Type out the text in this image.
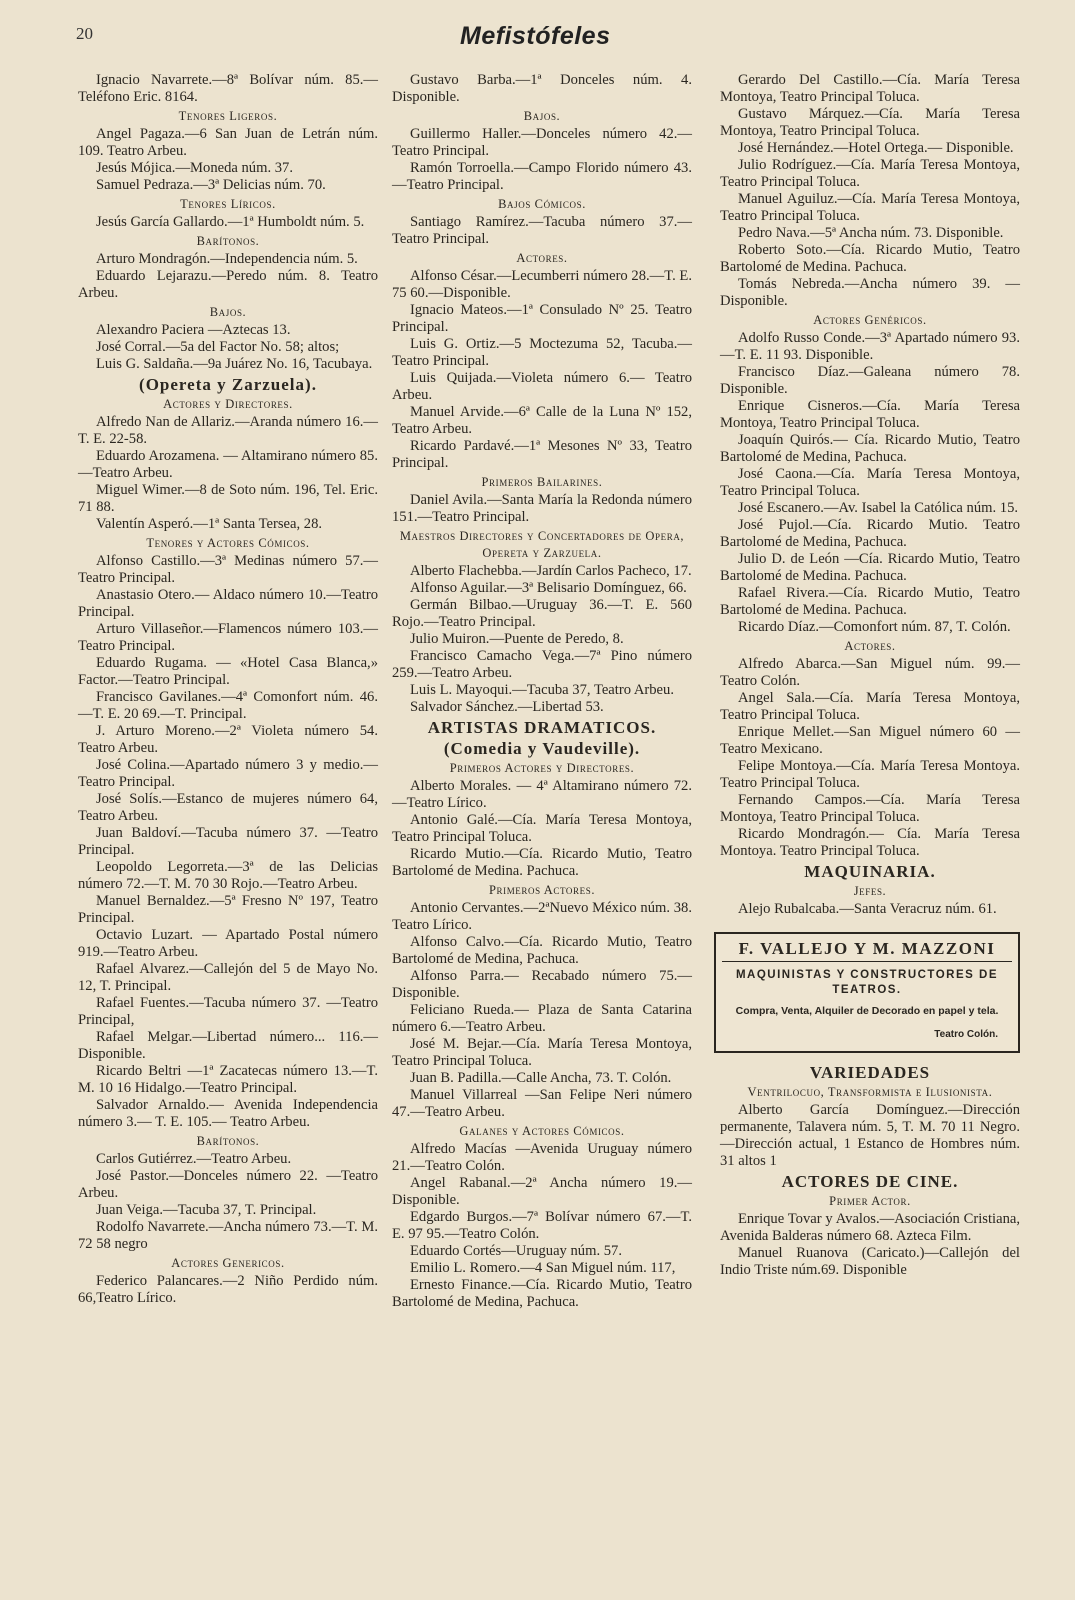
20	Mefistófeles

Ignacio Navarrete.—8ª Bolívar núm. 85.—Teléfono Eric. 8164.

Tenores Ligeros.

Angel Pagaza.—6 San Juan de Letrán núm. 109. Teatro Arbeu.

Jesús Mójica.—Moneda núm. 37.

Samuel Pedraza.—3ª Delicias núm. 70.

Tenores Líricos.

Jesús García Gallardo.—1ª Humboldt núm. 5.

Barítonos.

Arturo Mondragón.—Independencia núm. 5.

Eduardo Lejarazu.—Peredo núm. 8. Teatro Arbeu.

Bajos.

Alexandro Paciera —Aztecas 13.

José Corral.—5a del Factor No. 58; altos;

Luis G. Saldaña.—9a Juárez No. 16, Tacubaya.

(Opereta y Zarzuela).

Actores y Directores.

Alfredo Nan de Allariz.—Aranda número 16.—T. E. 22-58.

Eduardo Arozamena. — Altamirano número 85.—Teatro Arbeu.

Miguel Wimer.—8 de Soto núm. 196, Tel. Eric. 71 88.

Valentín Asperó.—1ª Santa Tersea, 28.

Tenores y Actores Cómicos.

Alfonso Castillo.—3ª Medinas número 57.—Teatro Principal.

Anastasio Otero.— Aldaco número 10.—Teatro Principal.

Arturo Villaseñor.—Flamencos número 103.—Teatro Principal.

Eduardo Rugama. — «Hotel Casa Blanca,» Factor.—Teatro Principal.

Francisco Gavilanes.—4ª Comonfort núm. 46.—T. E. 20 69.—T. Principal.

J. Arturo Moreno.—2ª Violeta número 54. Teatro Arbeu.

José Colina.—Apartado número 3 y medio.—Teatro Principal.

José Solís.—Estanco de mujeres número 64, Teatro Arbeu.

Juan Baldoví.—Tacuba número 37. —Teatro Principal.

Leopoldo Legorreta.—3ª de las Delicias número 72.—T. M. 70 30 Rojo.—Teatro Arbeu.

Manuel Bernaldez.—5ª Fresno Nº 197, Teatro Principal.

Octavio Luzart. — Apartado Postal número 919.—Teatro Arbeu.

Rafael Alvarez.—Callejón del 5 de Mayo No. 12, T. Principal.

Rafael Fuentes.—Tacuba número 37. —Teatro Principal,

Rafael Melgar.—Libertad número... 116.— Disponible.

Ricardo Beltri —1ª Zacatecas número 13.—T. M. 10 16 Hidalgo.—Teatro Principal.

Salvador Arnaldo.— Avenida Independencia número 3.— T. E. 105.— Teatro Arbeu.

Barítonos.

Carlos Gutiérrez.—Teatro Arbeu.

José Pastor.—Donceles número 22. —Teatro Arbeu.

Juan Veiga.—Tacuba 37, T. Principal.

Rodolfo Navarrete.—Ancha número 73.—T. M. 72 58 negro

Actores Genericos.

Federico Palancares.—2 Niño Perdido núm. 66,Teatro Lírico.

Gustavo Barba.—1ª Donceles núm. 4. Disponible.

Bajos.

Guillermo Haller.—Donceles número 42.—Teatro Principal.

Ramón Torroella.—Campo Florido número 43.—Teatro Principal.

Bajos Cómicos.

Santiago Ramírez.—Tacuba número 37.—Teatro Principal.

Actores.

Alfonso César.—Lecumberri número 28.—T. E. 75 60.—Disponible.

Ignacio Mateos.—1ª Consulado Nº 25. Teatro Principal.

Luis G. Ortiz.—5 Moctezuma 52, Tacuba.—Teatro Principal.

Luis Quijada.—Violeta número 6.— Teatro Arbeu.

Manuel Arvide.—6ª Calle de la Luna Nº 152, Teatro Arbeu.

Ricardo Pardavé.—1ª Mesones Nº 33, Teatro Principal.

Primeros Bailarines.

Daniel Avila.—Santa María la Redonda número 151.—Teatro Principal.

Maestros Directores y Concertadores de Opera, Opereta y Zarzuela.

Alberto Flachebba.—Jardín Carlos Pacheco, 17.

Alfonso Aguilar.—3ª Belisario Domínguez, 66.

Germán Bilbao.—Uruguay 36.—T. E. 560 Rojo.—Teatro Principal.

Julio Muiron.—Puente de Peredo, 8.

Francisco Camacho Vega.—7ª Pino número 259.—Teatro Arbeu.

Luis L. Mayoqui.—Tacuba 37, Teatro Arbeu.

Salvador Sánchez.—Libertad 53.

ARTISTAS DRAMATICOS.

(Comedia y Vaudeville).

Primeros Actores y Directores.

Alberto Morales. — 4ª Altamirano número 72.—Teatro Lírico.

Antonio Galé.—Cía. María Teresa Montoya, Teatro Principal Toluca.

Ricardo Mutio.—Cía. Ricardo Mutio, Teatro Bartolomé de Medina. Pachuca.

Primeros Actores.

Antonio Cervantes.—2ªNuevo México núm. 38. Teatro Lírico.

Alfonso Calvo.—Cía. Ricardo Mutio, Teatro Bartolomé de Medina, Pachuca.

Alfonso Parra.— Recabado número 75.—Disponible.

Feliciano Rueda.— Plaza de Santa Catarina número 6.—Teatro Arbeu.

José M. Bejar.—Cía. María Teresa Montoya, Teatro Principal Toluca.

Juan B. Padilla.—Calle Ancha, 73. T. Colón.

Manuel Villarreal —San Felipe Neri número 47.—Teatro Arbeu.

Galanes y Actores Cómicos.

Alfredo Macías —Avenida Uruguay número 21.—Teatro Colón.

Angel Rabanal.—2ª Ancha número 19.—Disponible.

Edgardo Burgos.—7ª Bolívar número 67.—T. E. 97 95.—Teatro Colón.

Eduardo Cortés—Uruguay núm. 57.

Emilio L. Romero.—4 San Miguel núm. 117,

Ernesto Finance.—Cía. Ricardo Mutio, Teatro Bartolomé de Medina, Pachuca.

Gerardo Del Castillo.—Cía. María Teresa Montoya, Teatro Principal Toluca.

Gustavo Márquez.—Cía. María Teresa Montoya, Teatro Principal Toluca.

José Hernández.—Hotel Ortega.— Disponible.

Julio Rodríguez.—Cía. María Teresa Montoya, Teatro Principal Toluca.

Manuel Aguiluz.—Cía. María Teresa Montoya, Teatro Principal Toluca.

Pedro Nava.—5ª Ancha núm. 73. Disponible.

Roberto Soto.—Cía. Ricardo Mutio, Teatro Bartolomé de Medina. Pachuca.

Tomás Nebreda.—Ancha número 39. —Disponible.

Actores Genéricos.

Adolfo Russo Conde.—3ª Apartado número 93.—T. E. 11 93. Disponible.

Francisco Díaz.—Galeana número 78. Disponible.

Enrique Cisneros.—Cía. María Teresa Montoya, Teatro Principal Toluca.

Joaquín Quirós.— Cía. Ricardo Mutio, Teatro Bartolomé de Medina, Pachuca.

José Caona.—Cía. María Teresa Montoya, Teatro Principal Toluca.

José Escanero.—Av. Isabel la Católica núm. 15.

José Pujol.—Cía. Ricardo Mutio. Teatro Bartolomé de Medina, Pachuca.

Julio D. de León —Cía. Ricardo Mutio, Teatro Bartolomé de Medina. Pachuca.

Rafael Rivera.—Cía. Ricardo Mutio, Teatro Bartolomé de Medina. Pachuca.

Ricardo Díaz.—Comonfort núm. 87, T. Colón.

Actores.

Alfredo Abarca.—San Miguel núm. 99.—Teatro Colón.

Angel Sala.—Cía. María Teresa Montoya, Teatro Principal Toluca.

Enrique Mellet.—San Miguel número 60 —Teatro Mexicano.

Felipe Montoya.—Cía. María Teresa Montoya. Teatro Principal Toluca.

Fernando Campos.—Cía. María Teresa Montoya, Teatro Principal Toluca.

Ricardo Mondragón.— Cía. María Teresa Montoya. Teatro Principal Toluca.

MAQUINARIA.

Jefes.

Alejo Rubalcaba.—Santa Veracruz núm. 61.

F. VALLEJO Y M. MAZZONI
MAQUINISTAS Y CONSTRUCTORES DE TEATROS.
Compra, Venta, Alquiler de Decorado en papel y tela.
Teatro Colón.

VARIEDADES

Ventrilocuo, Transformista e Ilusionista.

Alberto García Domínguez.—Dirección permanente, Talavera núm. 5, T. M. 70 11 Negro.—Dirección actual, 1 Estanco de Hombres núm. 31 altos 1

ACTORES DE CINE.

Primer Actor.

Enrique Tovar y Avalos.—Asociación Cristiana, Avenida Balderas número 68. Azteca Film.

Manuel Ruanova (Caricato.)—Callejón del Indio Triste núm.69. Disponible
